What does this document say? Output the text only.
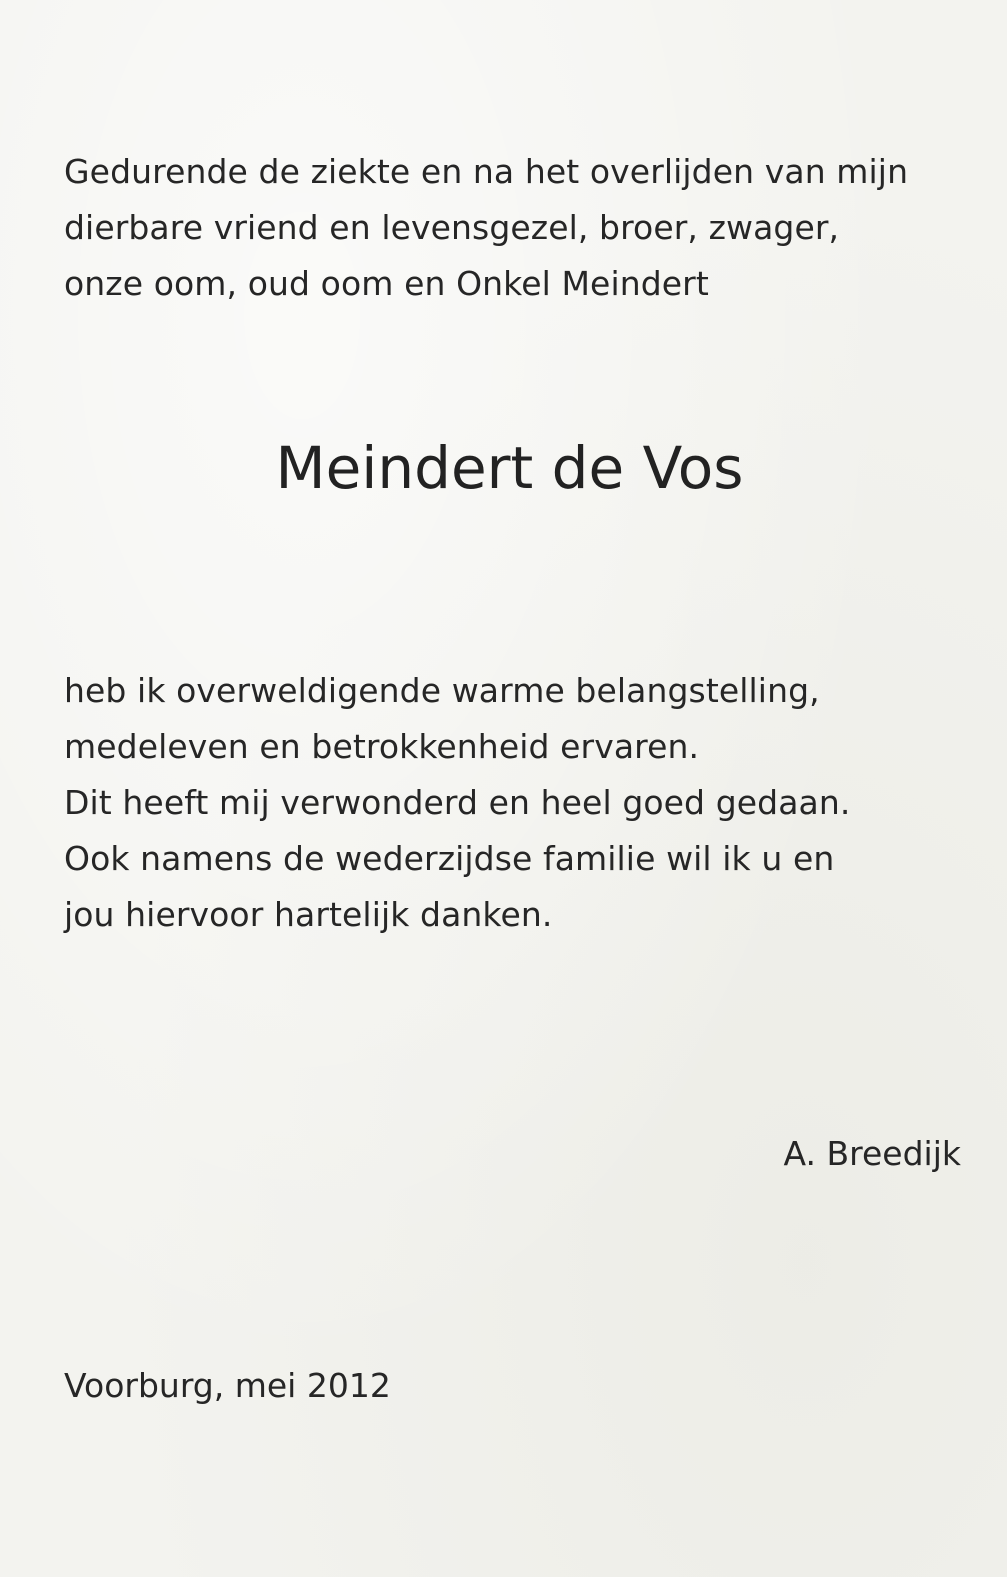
Gedurende de ziekte en na het overlijden van mijn
dierbare vriend en levensgezel, broer, zwager,
onze oom, oud oom en Onkel Meindert

Meindert de Vos

heb ik overweldigende warme belangstelling,
medeleven en betrokkenheid ervaren.
Dit heeft mij verwonderd en heel goed gedaan.
Ook namens de wederzijdse familie wil ik u en
jou hiervoor hartelijk danken.

A. Breedijk

Voorburg, mei 2012
